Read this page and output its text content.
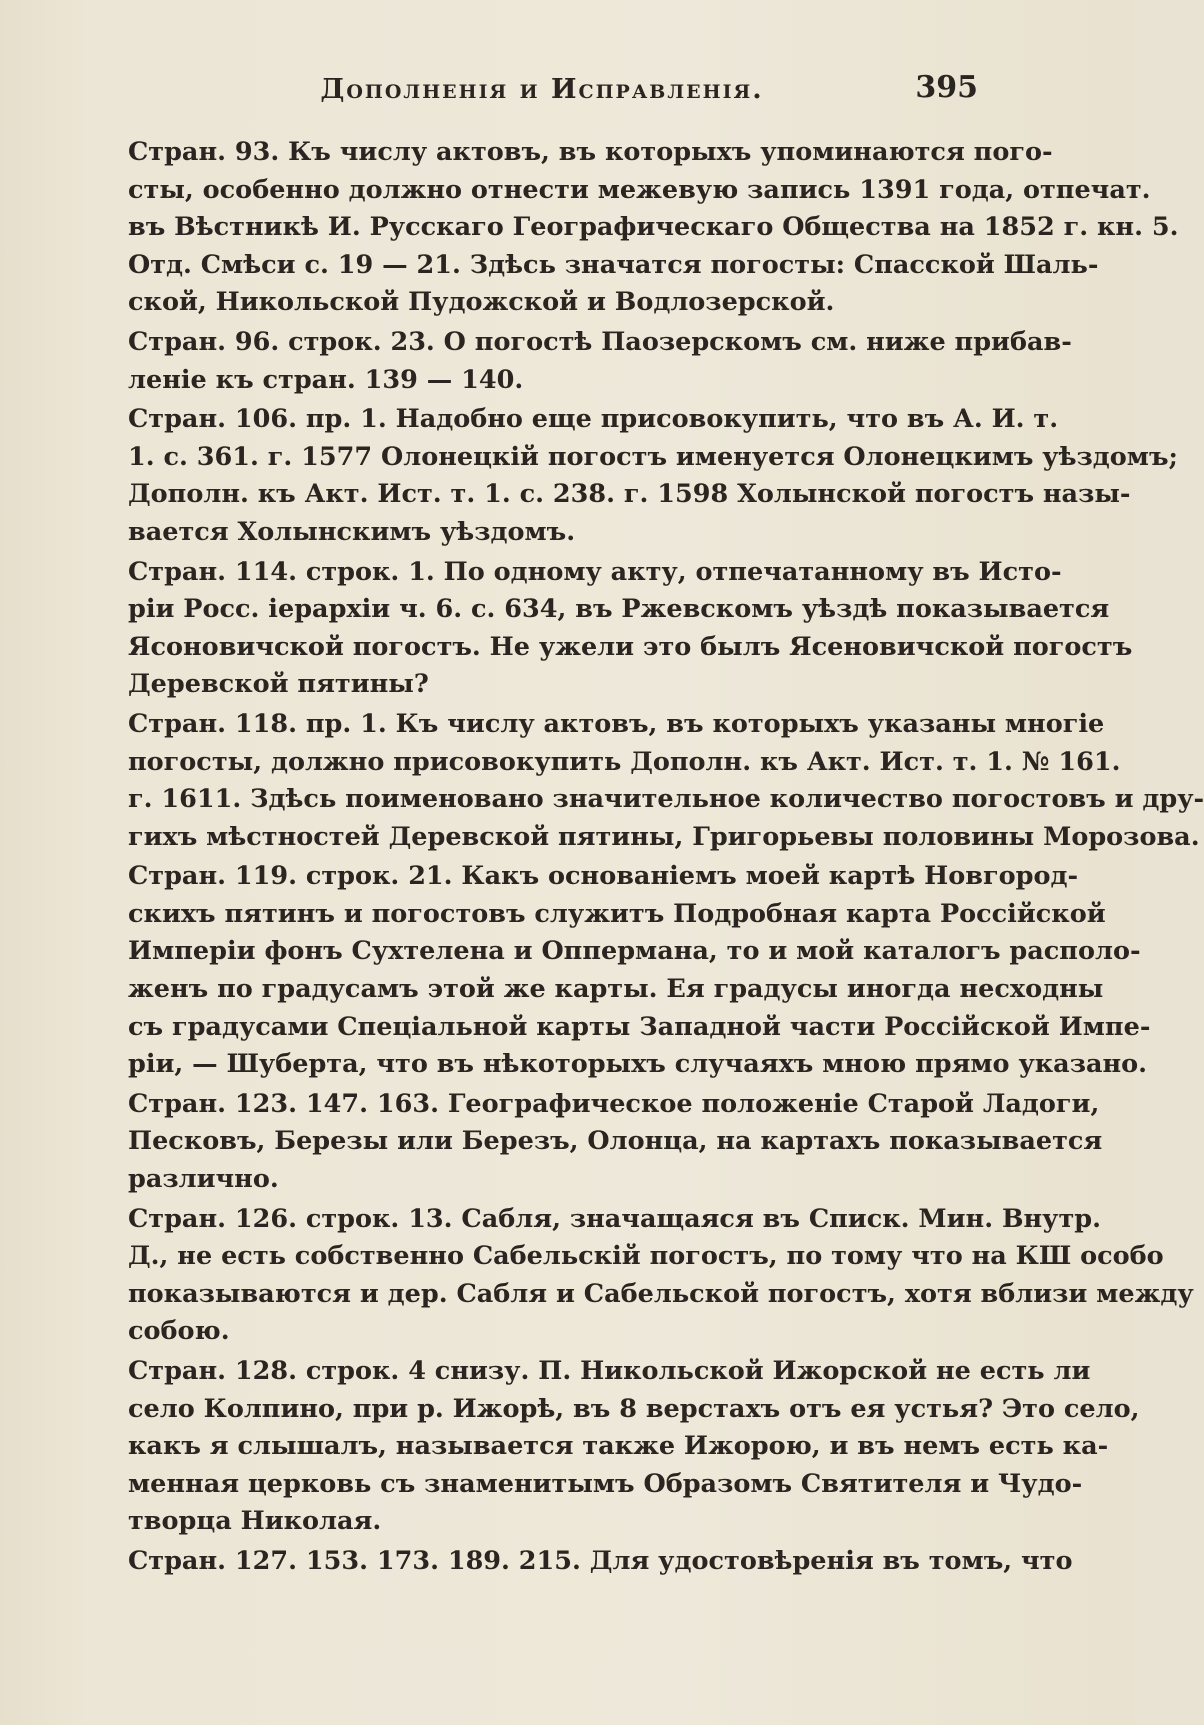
Дополненія и Исправленія.	395
Стран. 93. Къ числу актовъ, въ которыхъ упоминаются пого-
сты, особенно должно отнести межевую запись 1391 года, отпечат.
въ Вѣстникѣ И. Русскаго Географическаго Общества на 1852 г. кн. 5.
Отд. Смѣси с. 19 — 21. Здѣсь значатся погосты: Спасской Шаль-
ской, Никольской Пудожской и Водлозерской.
Стран. 96. строк. 23. О погостѣ Паозерскомъ см. ниже прибав-
леніе къ стран. 139 — 140.
Стран. 106. пр. 1. Надобно еще присовокупить, что въ А. И. т.
1. с. 361. г. 1577 Олонецкій погостъ именуется Олонецкимъ уѣздомъ;
Дополн. къ Акт. Ист. т. 1. с. 238. г. 1598 Холынской погостъ назы-
вается Холынскимъ уѣздомъ.
Стран. 114. строк. 1. По одному акту, отпечатанному въ Исто-
ріи Росс. іерархіи ч. 6. с. 634, въ Ржевскомъ уѣздѣ показывается
Ясоновичской погостъ. Не ужели это былъ Ясеновичской погостъ
Деревской пятины?
Стран. 118. пр. 1. Къ числу актовъ, въ которыхъ указаны многіе
погосты, должно присовокупить Дополн. къ Акт. Ист. т. 1. № 161.
г. 1611. Здѣсь поименовано значительное количество погостовъ и дру-
гихъ мѣстностей Деревской пятины, Григорьевы половины Морозова.
Стран. 119. строк. 21. Какъ основаніемъ моей картѣ Новгород-
скихъ пятинъ и погостовъ служитъ Подробная карта Россійской
Имперіи фонъ Сухтелена и Оппермана, то и мой каталогъ располо-
женъ по градусамъ этой же карты. Ея градусы иногда несходны
съ градусами Спеціальной карты Западной части Россійской Импе-
ріи, — Шуберта, что въ нѣкоторыхъ случаяхъ мною прямо указано.
Стран. 123. 147. 163. Географическое положеніе Старой Ладоги,
Песковъ, Березы или Березъ, Олонца, на картахъ показывается
различно.
Стран. 126. строк. 13. Сабля, значащаяся въ Списк. Мин. Внутр.
Д., не есть собственно Сабельскій погостъ, по тому что на КШ особо
показываются и дер. Сабля и Сабельской погостъ, хотя вблизи между
собою.
Стран. 128. строк. 4 снизу. П. Никольской Ижорской не есть ли
село Колпино, при р. Ижорѣ, въ 8 верстахъ отъ ея устья? Это село,
какъ я слышалъ, называется также Ижорою, и въ немъ есть ка-
менная церковь съ знаменитымъ Образомъ Святителя и Чудо-
творца Николая.
Стран. 127. 153. 173. 189. 215. Для удостовѣренія въ томъ, что
